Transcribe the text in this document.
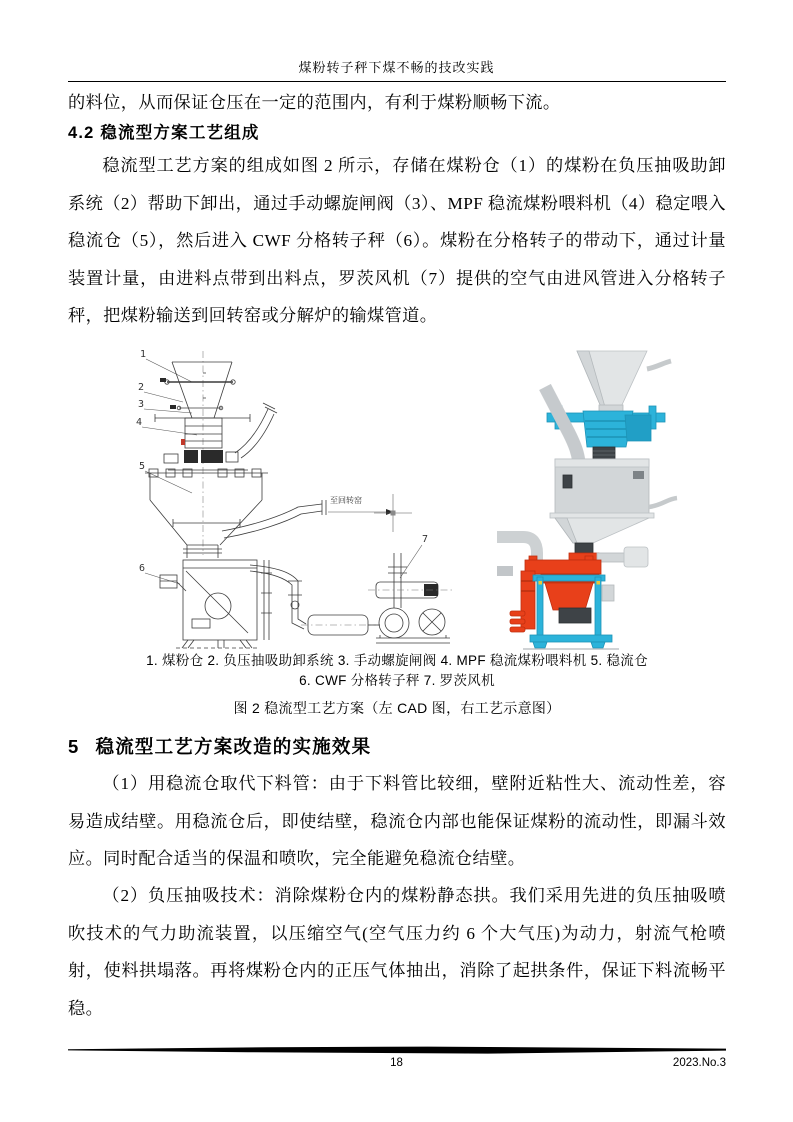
煤粉转子秤下煤不畅的技改实践
的料位，从而保证仓压在一定的范围内，有利于煤粉顺畅下流。
4.2 稳流型方案工艺组成
稳流型工艺方案的组成如图 2 所示，存储在煤粉仓（1）的煤粉在负压抽吸助卸系统（2）帮助下卸出，通过手动螺旋闸阀（3）、MPF 稳流煤粉喂料机（4）稳定喂入稳流仓（5），然后进入 CWF 分格转子秤（6）。煤粉在分格转子的带动下，通过计量装置计量，由进料点带到出料点，罗茨风机（7）提供的空气由进风管进入分格转子秤，把煤粉输送到回转窑或分解炉的输煤管道。
1
2
3
4
5
6
7
至回转窑
1. 煤粉仓 2. 负压抽吸助卸系统 3. 手动螺旋闸阀 4. MPF 稳流煤粉喂料机 5. 稳流仓
6. CWF 分格转子秤 7. 罗茨风机
图 2 稳流型工艺方案（左 CAD 图，右工艺示意图）
5 稳流型工艺方案改造的实施效果
（1）用稳流仓取代下料管：由于下料管比较细，壁附近粘性大、流动性差，容易造成结壁。用稳流仓后，即使结壁，稳流仓内部也能保证煤粉的流动性，即漏斗效应。同时配合适当的保温和喷吹，完全能避免稳流仓结壁。
（2）负压抽吸技术：消除煤粉仓内的煤粉静态拱。我们采用先进的负压抽吸喷吹技术的气力助流装置，以压缩空气(空气压力约 6 个大气压)为动力，射流气枪喷射，使料拱塌落。再将煤粉仓内的正压气体抽出，消除了起拱条件，保证下料流畅平稳。
18	2023.No.3
